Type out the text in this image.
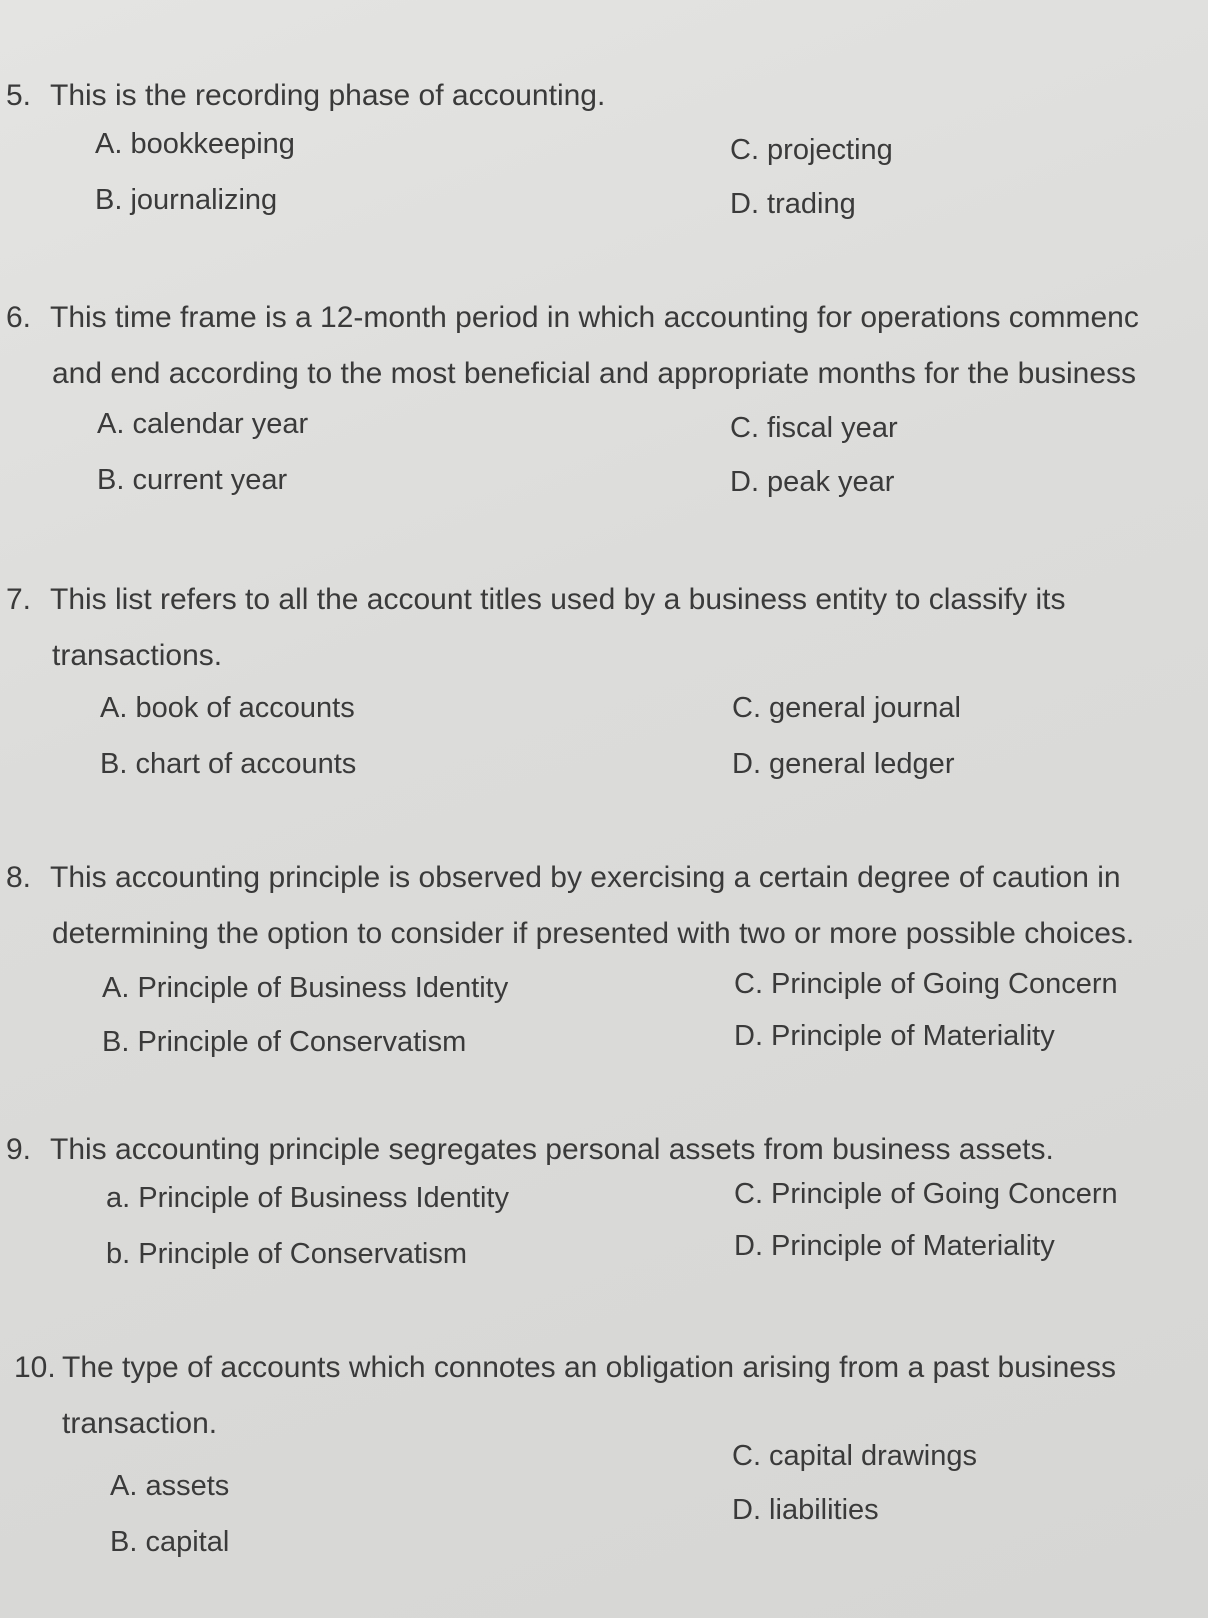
5. This is the recording phase of accounting.
A. bookkeeping
B. journalizing
C. projecting
D. trading
6. This time frame is a 12-month period in which accounting for operations commenc
and end according to the most beneficial and appropriate months for the business
A. calendar year
B. current year
C. fiscal year
D. peak year
7. This list refers to all the account titles used by a business entity to classify its
transactions.
A. book of accounts
B. chart of accounts
C. general journal
D. general ledger
8. This accounting principle is observed by exercising a certain degree of caution in
determining the option to consider if presented with two or more possible choices.
A. Principle of Business Identity
B. Principle of Conservatism
C. Principle of Going Concern
D. Principle of Materiality
9. This accounting principle segregates personal assets from business assets.
a. Principle of Business Identity
b. Principle of Conservatism
C. Principle of Going Concern
D. Principle of Materiality
10. The type of accounts which connotes an obligation arising from a past business
transaction.
A. assets
B. capital
C. capital drawings
D. liabilities
